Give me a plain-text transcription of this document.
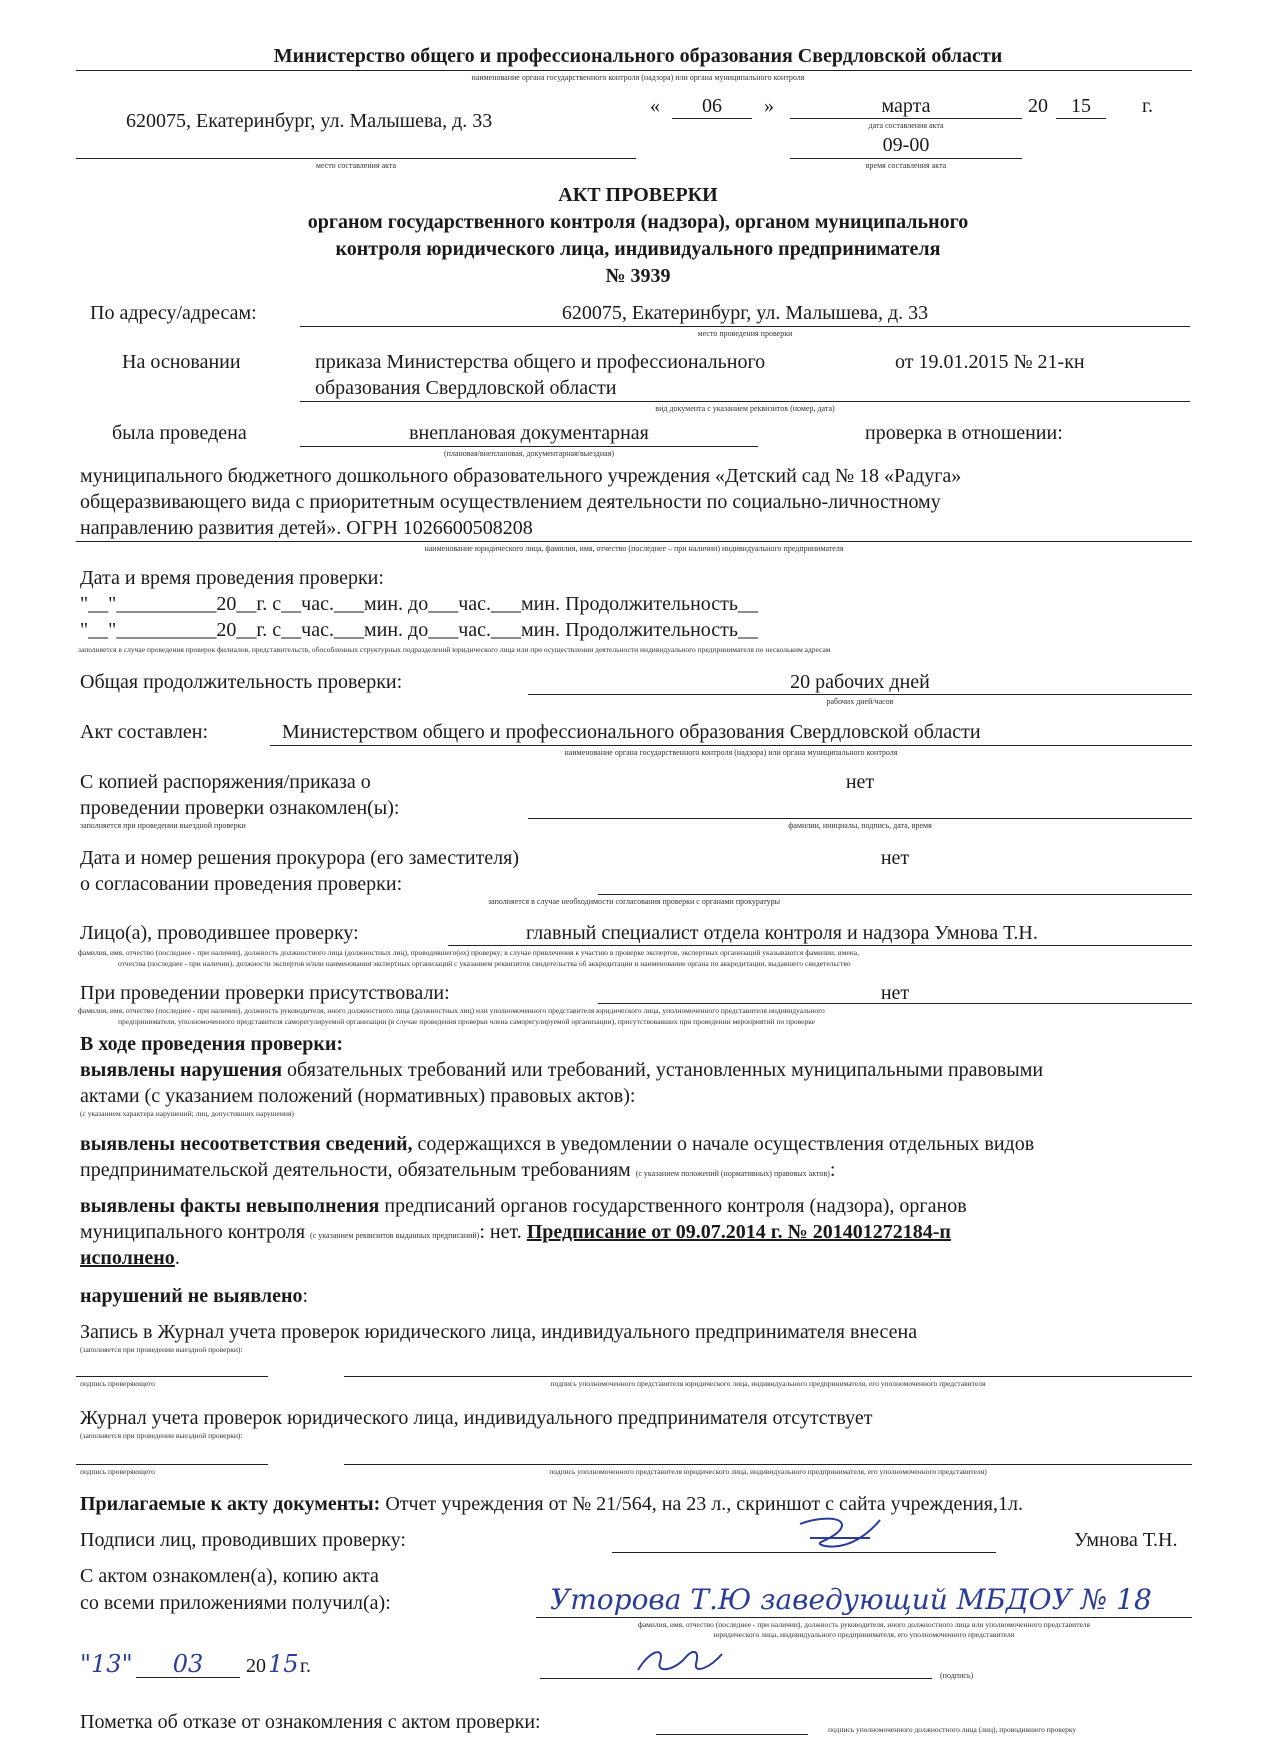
Министерство общего и профессионального образования Свердловской области
наименование органа государственного контроля (надзора) или органа муниципального контроля
620075, Екатеринбург, ул. Малышева, д. 33
место составления акта
«	06	»	марта	20	15	г.
дата составления акта
09-00
время составления акта
АКТ ПРОВЕРКИ
органом государственного контроля (надзора), органом муниципального
контроля юридического лица, индивидуального предпринимателя
№ 3939
По адресу/адресам:	620075, Екатеринбург, ул. Малышева, д. 33
место проведения проверки
На основании	приказа Министерства общего и профессионального	от 19.01.2015 № 21-кн
образования Свердловской области
вид документа с указанием реквизитов (номер, дата)
была проведена	внеплановая документарная
(плановая/внеплановая, документарная/выездная)
проверка в отношении:
муниципального бюджетного дошкольного образовательного учреждения «Детский сад № 18 «Радуга»
общеразвивающего вида с приоритетным осуществлением деятельности по социально-личностному
направлению развития детей». ОГРН 1026600508208
наименование юридического лица, фамилия, имя, отчество (последнее – при наличии) индивидуального предпринимателя
Дата и время проведения проверки:
"__"__________20__г. с__час.___мин. до___час.___мин. Продолжительность__
"__"__________20__г. с__час.___мин. до___час.___мин. Продолжительность__
заполняется в случае проведения проверок филиалов, представительств, обособленных структурных подразделений юридического лица или при осуществлении деятельности индивидуального предпринимателя по нескольким адресам
Общая продолжительность проверки:	20 рабочих дней
рабочих дней/часов
Акт составлен:	Министерством общего и профессионального образования Свердловской области
наименование органа государственного контроля (надзора) или органа муниципального контроля
С копией распоряжения/приказа о	нет
проведении проверки ознакомлен(ы):
заполняется при проведении выездной проверки	фамилии, инициалы, подпись, дата, время
Дата и номер решения прокурора (его заместителя)	нет
о согласовании проведения проверки:
заполняется в случае необходимости согласования проверки с органами прокуратуры
Лицо(а), проводившее проверку:	главный специалист отдела контроля и надзора Умнова Т.Н.
фамилия, имя, отчество (последнее - при наличии), должность должностного лица (должностных лиц), проводившего(их) проверку; в случае привлечения к участию в проверке экспертов, экспертных организаций указываются фамилии, имена,
отчества (последнее - при наличии), должности экспертов и/или наименования экспертных организаций с указанием реквизитов свидетельства об аккредитации и наименование органа по аккредитации, выдавшего свидетельство
При проведении проверки присутствовали:	нет
фамилия, имя, отчество (последнее - при наличии), должность руководителя, иного должностного лица (должностных лиц) или уполномоченного представителя юридического лица, уполномоченного представителя индивидуального
предпринимателя, уполномоченного представителя саморегулируемой организации (в случае проведения проверки члена саморегулируемой организации), присутствовавших при проведении мероприятий по проверке
В ходе проведения проверки:
выявлены нарушения обязательных требований или требований, установленных муниципальными правовыми
актами (с указанием положений (нормативных) правовых актов):
(с указанием характера нарушений; лиц, допустивших нарушения)
выявлены несоответствия сведений, содержащихся в уведомлении о начале осуществления отдельных видов
предпринимательской деятельности, обязательным требованиям (с указанием положений (нормативных) правовых актов):
выявлены факты невыполнения предписаний органов государственного контроля (надзора), органов
муниципального контроля (с указанием реквизитов выданных предписаний): нет. Предписание от 09.07.2014 г. № 201401272184-п
исполнено.
нарушений не выявлено:
Запись в Журнал учета проверок юридического лица, индивидуального предпринимателя внесена
(заполняется при проведении выездной проверки):
подпись проверяющего	подпись уполномоченного представителя юридического лица, индивидуального предпринимателя, его уполномоченного представителя
Журнал учета проверок юридического лица, индивидуального предпринимателя отсутствует
(заполняется при проведении выездной проверки):
подпись проверяющего	подпись уполномоченного представителя юридического лица, индивидуального предпринимателя, его уполномоченного представителя)
Прилагаемые к акту документы: Отчет учреждения от № 21/564, на 23 л., скриншот с сайта учреждения,1л.
Подписи лиц, проводивших проверку:	Умнова Т.Н.
С актом ознакомлен(а), копию акта
со всеми приложениями получил(а):	Уторова Т.Ю заведующий МБДОУ № 18
фамилия, имя, отчество (последнее - при наличии), должность руководителя, иного должностного лица или уполномоченного представителя
юридического лица, индивидуального предпринимателя, его уполномоченного представителя
"13"	03	20 15 г.	(подпись)
Пометка об отказе от ознакомления с актом проверки:	подпись уполномоченного должностного лица (лиц), проводившего проверку
